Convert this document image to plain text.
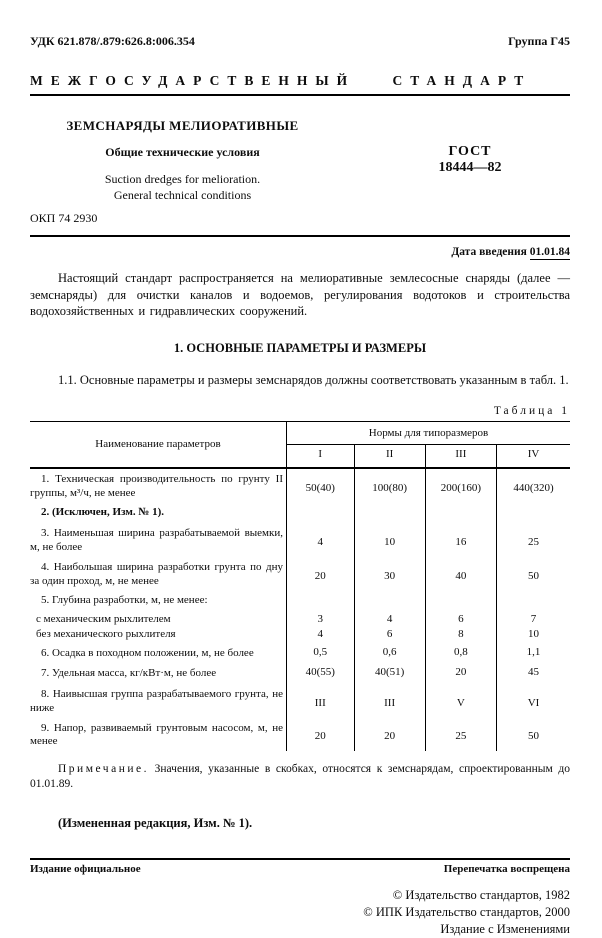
УДК 621.878/.879:626.8:006.354	Группа Г45
МЕЖГОСУДАРСТВЕННЫЙ СТАНДАРТ
ЗЕМСНАРЯДЫ МЕЛИОРАТИВНЫЕ
Общие технические условия
Suction dredges for melioration.
General technical conditions
ГОСТ
18444—82
ОКП 74 2930
Дата введения 01.01.84

Настоящий стандарт распространяется на мелиоративные землесосные снаряды (далее — земснаряды) для очистки каналов и водоемов, регулирования водотоков и строительства водохозяйственных и гидравлических сооружений.

1. ОСНОВНЫЕ ПАРАМЕТРЫ И РАЗМЕРЫ

1.1. Основные параметры и размеры земснарядов должны соответствовать указанным в табл. 1.

Таблица 1
Наименование параметров	Нормы для типоразмеров			
	I	II	III	IV
1. Техническая производительность по грунту II группы, м³/ч, не менее	50(40)	100(80)	200(160)	440(320)
2. (Исключен, Изм. № 1).				
3. Наименьшая ширина разрабатываемой выемки, м, не более	4	10	16	25
4. Наибольшая ширина разработки грунта по дну за один проход, м, не менее	20	30	40	50
5. Глубина разработки, м, не менее:				
с механическим рыхлителем	3	4	6	7
без механического рыхлителя	4	6	8	10
6. Осадка в походном положении, м, не более	0,5	0,6	0,8	1,1
7. Удельная масса, кг/кВт·м, не более	40(55)	40(51)	20	45
8. Наивысшая группа разрабатываемого грунта, не ниже	III	III	V	VI
9. Напор, развиваемый грунтовым насосом, м, не менее	20	20	25	50

Примечание. Значения, указанные в скобках, относятся к земснарядам, спроектированным до 01.01.89.

(Измененная редакция, Изм. № 1).

Издание официальное	Перепечатка воспрещена
© Издательство стандартов, 1982
© ИПК Издательство стандартов, 2000
Издание с Изменениями
